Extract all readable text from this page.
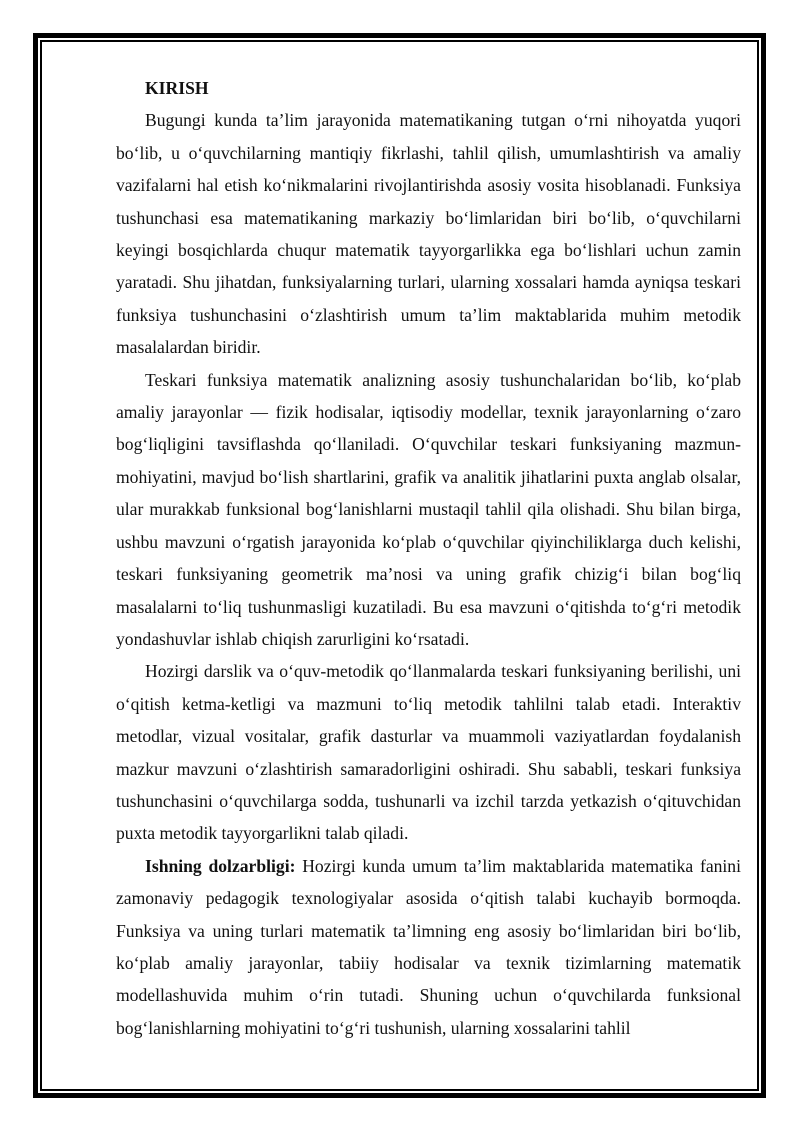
KIRISH

Bugungi kunda ta’lim jarayonida matematikaning tutgan o‘rni nihoyatda yuqori bo‘lib, u o‘quvchilarning mantiqiy fikrlashi, tahlil qilish, umumlashtirish va amaliy vazifalarni hal etish ko‘nikmalarini rivojlantirishda asosiy vosita hisoblanadi. Funksiya tushunchasi esa matematikaning markaziy bo‘limlaridan biri bo‘lib, o‘quvchilarni keyingi bosqichlarda chuqur matematik tayyorgarlikka ega bo‘lishlari uchun zamin yaratadi. Shu jihatdan, funksiyalarning turlari, ularning xossalari hamda ayniqsa teskari funksiya tushunchasini o‘zlashtirish umum ta’lim maktablarida muhim metodik masalalardan biridir.

Teskari funksiya matematik analizning asosiy tushunchalaridan bo‘lib, ko‘plab amaliy jarayonlar — fizik hodisalar, iqtisodiy modellar, texnik jarayonlarning o‘zaro bog‘liqligini tavsiflashda qo‘llaniladi. O‘quvchilar teskari funksiyaning mazmun-mohiyatini, mavjud bo‘lish shartlarini, grafik va analitik jihatlarini puxta anglab olsalar, ular murakkab funksional bog‘lanishlarni mustaqil tahlil qila olishadi. Shu bilan birga, ushbu mavzuni o‘rgatish jarayonida ko‘plab o‘quvchilar qiyinchiliklarga duch kelishi, teskari funksiyaning geometrik ma’nosi va uning grafik chizig‘i bilan bog‘liq masalalarni to‘liq tushunmasligi kuzatiladi. Bu esa mavzuni o‘qitishda to‘g‘ri metodik yondashuvlar ishlab chiqish zarurligini ko‘rsatadi.

Hozirgi darslik va o‘quv-metodik qo‘llanmalarda teskari funksiyaning berilishi, uni o‘qitish ketma-ketligi va mazmuni to‘liq metodik tahlilni talab etadi. Interaktiv metodlar, vizual vositalar, grafik dasturlar va muammoli vaziyatlardan foydalanish mazkur mavzuni o‘zlashtirish samaradorligini oshiradi. Shu sababli, teskari funksiya tushunchasini o‘quvchilarga sodda, tushunarli va izchil tarzda yetkazish o‘qituvchidan puxta metodik tayyorgarlikni talab qiladi.

Ishning dolzarbligi: Hozirgi kunda umum ta’lim maktablarida matematika fanini zamonaviy pedagogik texnologiyalar asosida o‘qitish talabi kuchayib bormoqda. Funksiya va uning turlari matematik ta’limning eng asosiy bo‘limlaridan biri bo‘lib, ko‘plab amaliy jarayonlar, tabiiy hodisalar va texnik tizimlarning matematik modellashuvida muhim o‘rin tutadi. Shuning uchun o‘quvchilarda funksional bog‘lanishlarning mohiyatini to‘g‘ri tushunish, ularning xossalarini tahlil
